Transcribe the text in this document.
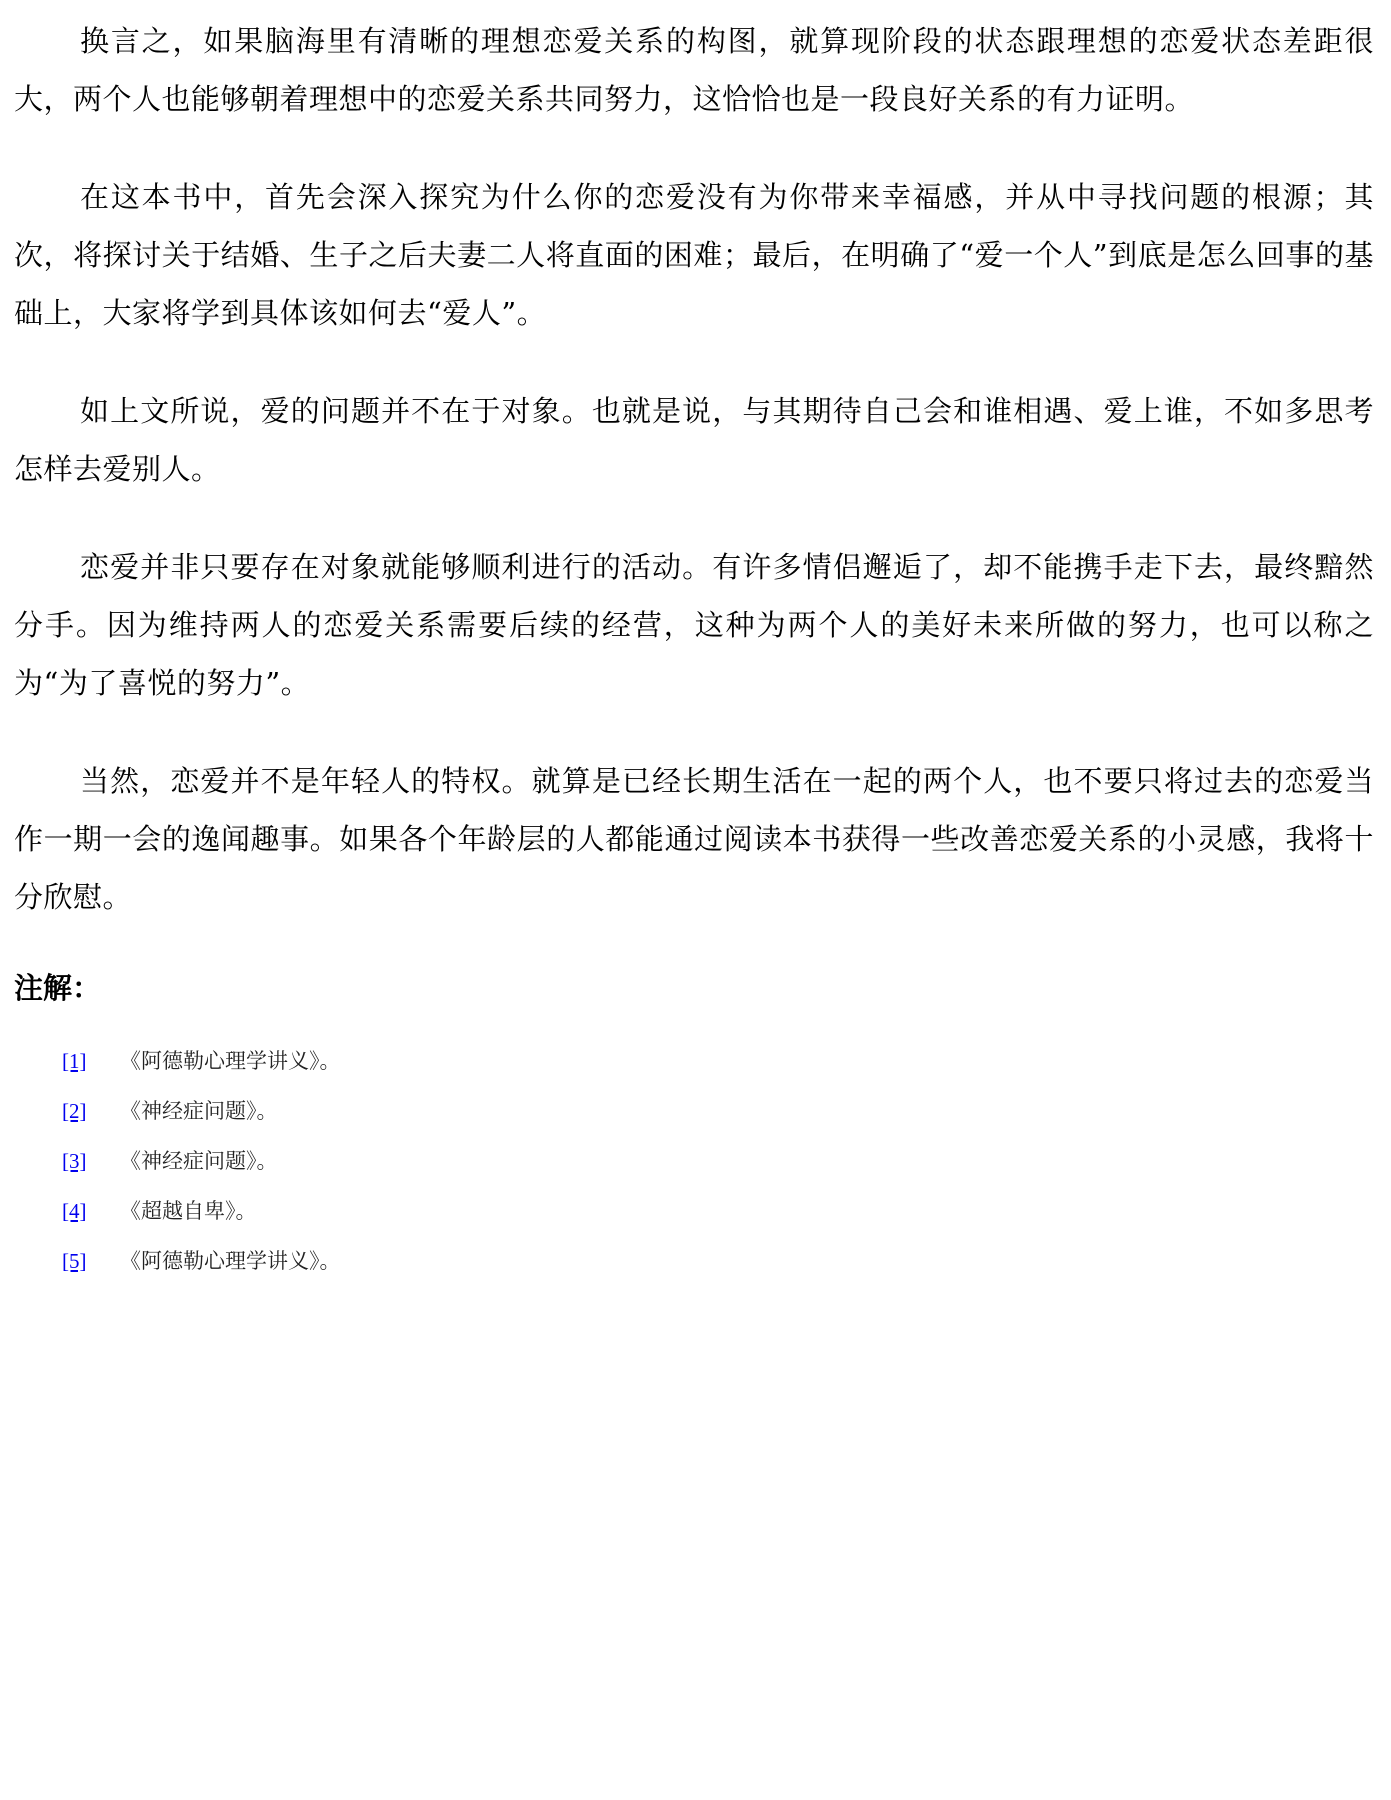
换言之，如果脑海里有清晰的理想恋爱关系的构图，就算现阶段的状态跟理想的恋爱状态差距很大，两个人也能够朝着理想中的恋爱关系共同努力，这恰恰也是一段良好关系的有力证明。

在这本书中，首先会深入探究为什么你的恋爱没有为你带来幸福感，并从中寻找问题的根源；其次，将探讨关于结婚、生子之后夫妻二人将直面的困难；最后，在明确了“爱一个人”到底是怎么回事的基础上，大家将学到具体该如何去“爱人”。

如上文所说，爱的问题并不在于对象。也就是说，与其期待自己会和谁相遇、爱上谁，不如多思考怎样去爱别人。

恋爱并非只要存在对象就能够顺利进行的活动。有许多情侣邂逅了，却不能携手走下去，最终黯然分手。因为维持两人的恋爱关系需要后续的经营，这种为两个人的美好未来所做的努力，也可以称之为“为了喜悦的努力”。

当然，恋爱并不是年轻人的特权。就算是已经长期生活在一起的两个人，也不要只将过去的恋爱当作一期一会的逸闻趣事。如果各个年龄层的人都能通过阅读本书获得一些改善恋爱关系的小灵感，我将十分欣慰。

注解：
[1]	《阿德勒心理学讲义》。
[2]	《神经症问题》。
[3]	《神经症问题》。
[4]	《超越自卑》。
[5]	《阿德勒心理学讲义》。
